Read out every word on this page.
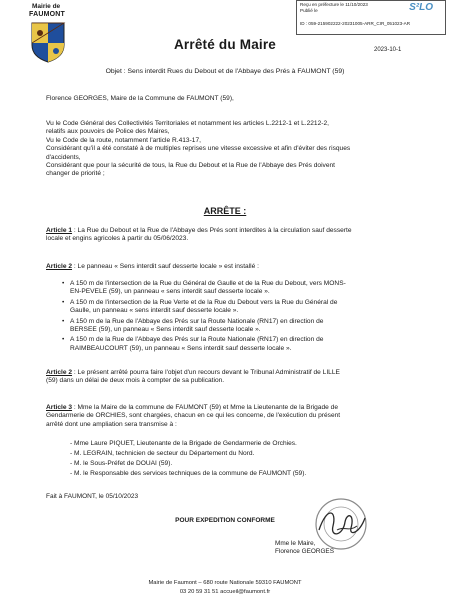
Mairie de
FAUMONT
Reçu en préfecture le 11/10/2023
Publié le
ID : 059-215902222-20231005-ARR_CIR_051023-AR
S²LO
Arrêté du Maire	2023-10-1
Objet : Sens interdit Rues du Debout et de l'Abbaye des Prés à FAUMONT (59)
Florence GEORGES, Maire de la Commune de FAUMONT (59),
Vu le Code Général des Collectivités Territoriales et notamment les articles L.2212-1 et L.2212-2,
relatifs aux pouvoirs de Police des Maires,
Vu le Code de la route, notamment l'article R.413-17,
Considérant qu'il a été constaté à de multiples reprises une vitesse excessive et afin d'éviter des risques
d'accidents,
Considérant que pour la sécurité de tous, la Rue du Debout et la Rue de l'Abbaye des Prés doivent
changer de priorité ;
ARRÊTE :
Article 1 : La Rue du Debout et la Rue de l'Abbaye des Prés sont interdites à la circulation sauf desserte
locale et engins agricoles à partir du 05/06/2023.
Article 2 : Le panneau « Sens interdit sauf desserte locale » est installé :
• A 150 m de l'intersection de la Rue du Général de Gaulle et de la Rue du Debout, vers MONS-
EN-PEVELE (59), un panneau « sens interdit sauf desserte locale ».
• A 150 m de l'intersection de la Rue Verte et de la Rue du Debout vers la Rue du Général de
Gaulle, un panneau « sens interdit sauf desserte locale ».
• A 150 m de la Rue de l'Abbaye des Prés sur la Route Nationale (RN17) en direction de
BERSEE (59), un panneau « Sens interdit sauf desserte locale ».
• A 150 m de la Rue de l'Abbaye des Prés sur la Route Nationale (RN17) en direction de
RAIMBEAUCOURT (59), un panneau « Sens interdit sauf desserte locale ».
Article 2 : Le présent arrêté pourra faire l'objet d'un recours devant le Tribunal Administratif de LILLE
(59) dans un délai de deux mois à compter de sa publication.
Article 3 : Mme la Maire de la commune de FAUMONT (59) et Mme la Lieutenante de la Brigade de
Gendarmerie de ORCHIES, sont chargées, chacun en ce qui les concerne, de l'exécution du présent
arrêté dont une ampliation sera transmise à :
- Mme Laure PIQUET, Lieutenante de la Brigade de Gendarmerie de Orchies.
- M. LEGRAIN, technicien de secteur du Département du Nord.
- M. le Sous-Préfet de DOUAI (59).
- M. le Responsable des services techniques de la commune de FAUMONT (59).
Fait à FAUMONT, le 05/10/2023
POUR EXPEDITION CONFORME
Mme le Maire,
Florence GEORGES
Mairie de Faumont – 680 route Nationale 59310 FAUMONT
03 20 59 31 51 accueil@faumont.fr
